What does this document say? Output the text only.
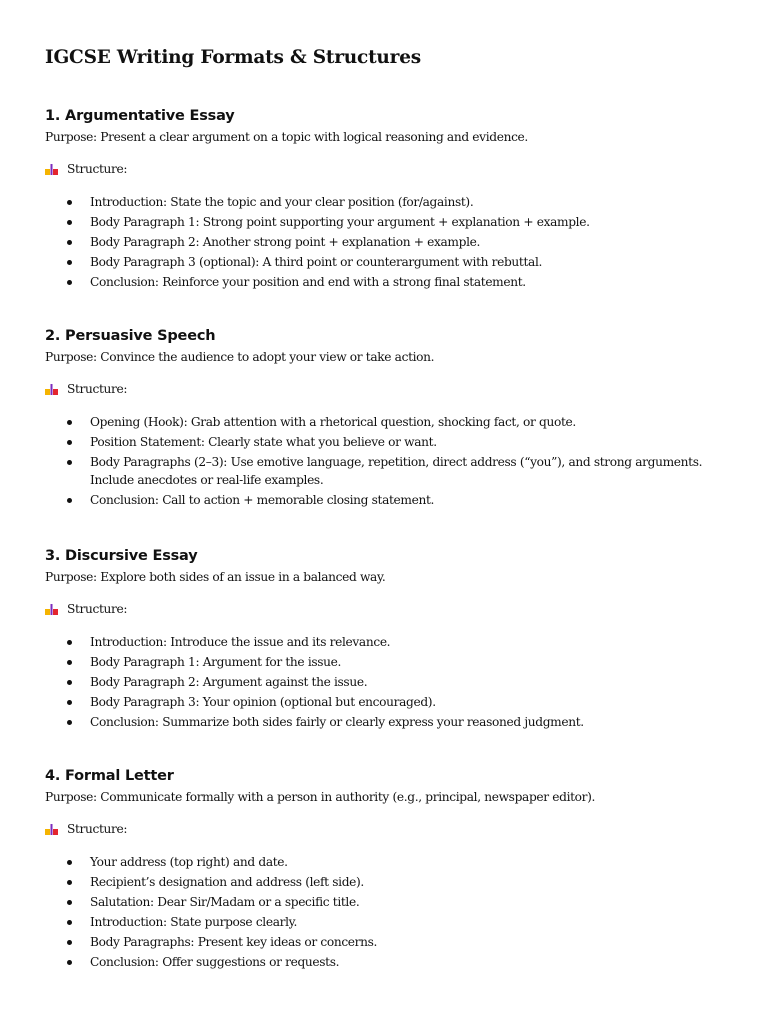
IGCSE Writing Formats & Structures
1. Argumentative Essay

Purpose: Present a clear argument on a topic with logical reasoning and evidence.

Structure:
Introduction: State the topic and your clear position (for/against).
Body Paragraph 1: Strong point supporting your argument + explanation + example.
Body Paragraph 2: Another strong point + explanation + example.
Body Paragraph 3 (optional): A third point or counterargument with rebuttal.
Conclusion: Reinforce your position and end with a strong final statement.
2. Persuasive Speech

Purpose: Convince the audience to adopt your view or take action.

Structure:
Opening (Hook): Grab attention with a rhetorical question, shocking fact, or quote.
Position Statement: Clearly state what you believe or want.
Body Paragraphs (2–3): Use emotive language, repetition, direct address (“you”), and strong arguments. Include anecdotes or real-life examples.
Conclusion: Call to action + memorable closing statement.
3. Discursive Essay

Purpose: Explore both sides of an issue in a balanced way.

Structure:
Introduction: Introduce the issue and its relevance.
Body Paragraph 1: Argument for the issue.
Body Paragraph 2: Argument against the issue.
Body Paragraph 3: Your opinion (optional but encouraged).
Conclusion: Summarize both sides fairly or clearly express your reasoned judgment.
4. Formal Letter

Purpose: Communicate formally with a person in authority (e.g., principal, newspaper editor).

Structure:
Your address (top right) and date.
Recipient’s designation and address (left side).
Salutation: Dear Sir/Madam or a specific title.
Introduction: State purpose clearly.
Body Paragraphs: Present key ideas or concerns.
Conclusion: Offer suggestions or requests.
